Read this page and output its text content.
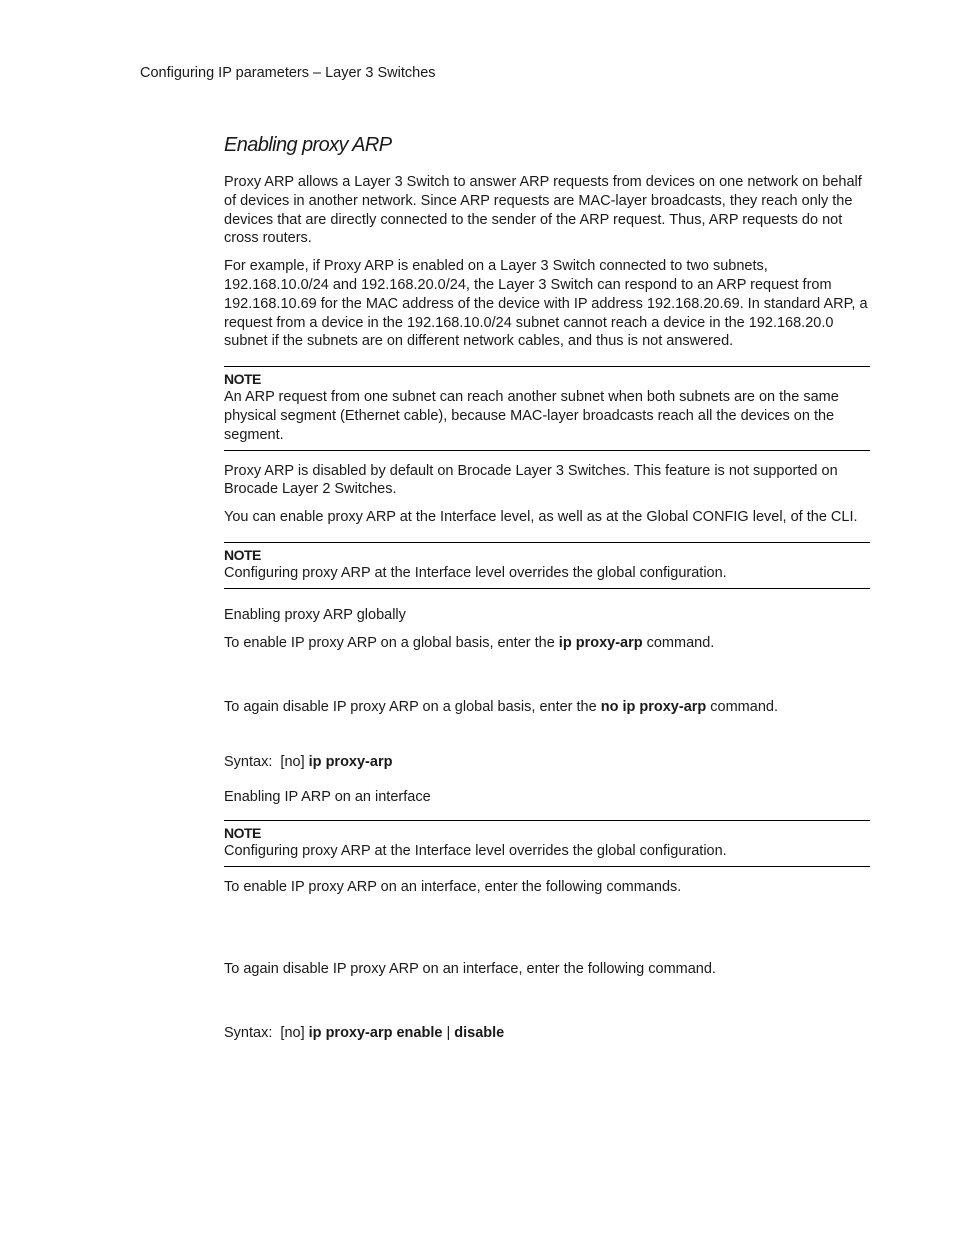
Configuring IP parameters – Layer 3 Switches
Enabling proxy ARP

Proxy ARP allows a Layer 3 Switch to answer ARP requests from devices on one network on behalf of devices in another network. Since ARP requests are MAC-layer broadcasts, they reach only the devices that are directly connected to the sender of the ARP request. Thus, ARP requests do not cross routers.

For example, if Proxy ARP is enabled on a Layer 3 Switch connected to two subnets, 192.168.10.0/24 and 192.168.20.0/24, the Layer 3 Switch can respond to an ARP request from 192.168.10.69 for the MAC address of the device with IP address 192.168.20.69. In standard ARP, a request from a device in the 192.168.10.0/24 subnet cannot reach a device in the 192.168.20.0 subnet if the subnets are on different network cables, and thus is not answered.

NOTE
An ARP request from one subnet can reach another subnet when both subnets are on the same physical segment (Ethernet cable), because MAC-layer broadcasts reach all the devices on the segment.

Proxy ARP is disabled by default on Brocade Layer 3 Switches. This feature is not supported on Brocade Layer 2 Switches.

You can enable proxy ARP at the Interface level, as well as at the Global CONFIG level, of the CLI.

NOTE
Configuring proxy ARP at the Interface level overrides the global configuration.
Enabling proxy ARP globally

To enable IP proxy ARP on a global basis, enter the ip proxy-arp command.

To again disable IP proxy ARP on a global basis, enter the no ip proxy-arp command.

Syntax: [no] ip proxy-arp

Enabling IP ARP on an interface
NOTE
Configuring proxy ARP at the Interface level overrides the global configuration.

To enable IP proxy ARP on an interface, enter the following commands.

To again disable IP proxy ARP on an interface, enter the following command.

Syntax: [no] ip proxy-arp enable | disable
